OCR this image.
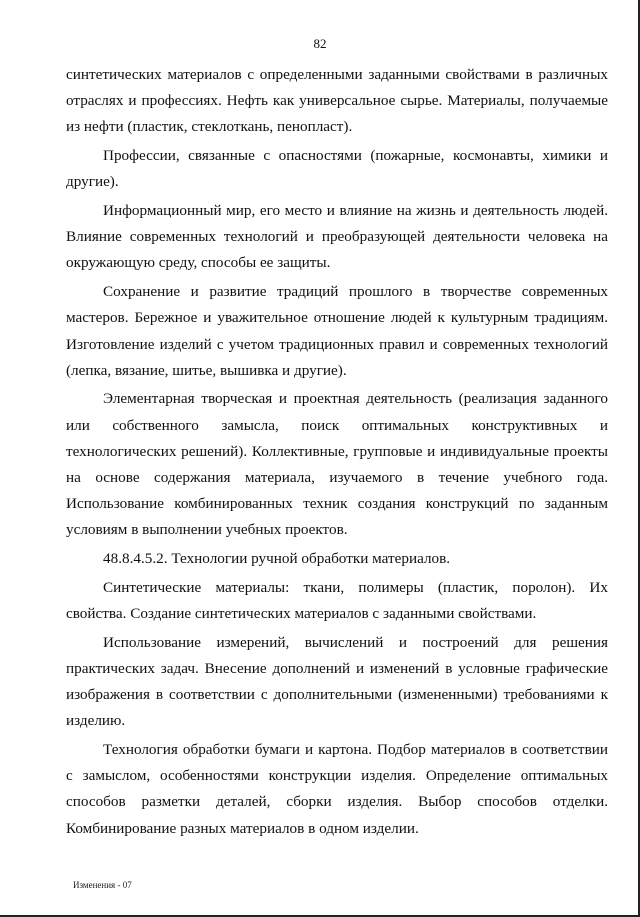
82

синтетических материалов с определенными заданными свойствами в различных отраслях и профессиях. Нефть как универсальное сырье. Материалы, получаемые из нефти (пластик, стеклоткань, пенопласт).

Профессии, связанные с опасностями (пожарные, космонавты, химики и другие).

Информационный мир, его место и влияние на жизнь и деятельность людей. Влияние современных технологий и преобразующей деятельности человека на окружающую среду, способы ее защиты.

Сохранение и развитие традиций прошлого в творчестве современных мастеров. Бережное и уважительное отношение людей к культурным традициям. Изготовление изделий с учетом традиционных правил и современных технологий (лепка, вязание, шитье, вышивка и другие).

Элементарная творческая и проектная деятельность (реализация заданного или собственного замысла, поиск оптимальных конструктивных и технологических решений). Коллективные, групповые и индивидуальные проекты на основе содержания материала, изучаемого в течение учебного года. Использование комбинированных техник создания конструкций по заданным условиям в выполнении учебных проектов.

48.8.4.5.2. Технологии ручной обработки материалов.

Синтетические материалы: ткани, полимеры (пластик, поролон). Их свойства. Создание синтетических материалов с заданными свойствами.

Использование измерений, вычислений и построений для решения практических задач. Внесение дополнений и изменений в условные графические изображения в соответствии с дополнительными (измененными) требованиями к изделию.

Технология обработки бумаги и картона. Подбор материалов в соответствии с замыслом, особенностями конструкции изделия. Определение оптимальных способов разметки деталей, сборки изделия. Выбор способов отделки. Комбинирование разных материалов в одном изделии.

Изменения - 07
